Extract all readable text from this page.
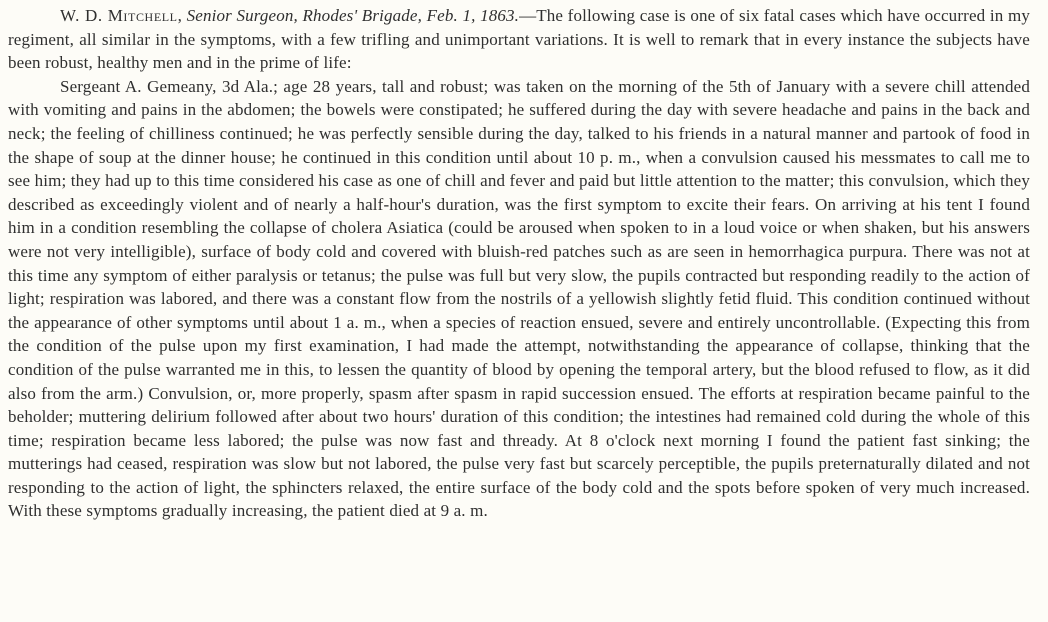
W. D. Mitchell, Senior Surgeon, Rhodes' Brigade, Feb. 1, 1863.—The following case is one of six fatal cases which have occurred in my regiment, all similar in the symptoms, with a few trifling and unimportant variations. It is well to remark that in every instance the subjects have been robust, healthy men and in the prime of life:

Sergeant A. Gemeany, 3d Ala.; age 28 years, tall and robust; was taken on the morning of the 5th of January with a severe chill attended with vomiting and pains in the abdomen; the bowels were constipated; he suffered during the day with severe headache and pains in the back and neck; the feeling of chilliness continued; he was perfectly sensible during the day, talked to his friends in a natural manner and partook of food in the shape of soup at the dinner house; he continued in this condition until about 10 p. m., when a convulsion caused his messmates to call me to see him; they had up to this time considered his case as one of chill and fever and paid but little attention to the matter; this convulsion, which they described as exceedingly violent and of nearly a half-hour's duration, was the first symptom to excite their fears. On arriving at his tent I found him in a condition resembling the collapse of cholera Asiatica (could be aroused when spoken to in a loud voice or when shaken, but his answers were not very intelligible), surface of body cold and covered with bluish-red patches such as are seen in hemorrhagica purpura. There was not at this time any symptom of either paralysis or tetanus; the pulse was full but very slow, the pupils contracted but responding readily to the action of light; respiration was labored, and there was a constant flow from the nostrils of a yellowish slightly fetid fluid. This condition continued without the appearance of other symptoms until about 1 a. m., when a species of reaction ensued, severe and entirely uncontrollable. (Expecting this from the condition of the pulse upon my first examination, I had made the attempt, notwithstanding the appearance of collapse, thinking that the condition of the pulse warranted me in this, to lessen the quantity of blood by opening the temporal artery, but the blood refused to flow, as it did also from the arm.) Convulsion, or, more properly, spasm after spasm in rapid succession ensued. The efforts at respiration became painful to the beholder; muttering delirium followed after about two hours' duration of this condition; the intestines had remained cold during the whole of this time; respiration became less labored; the pulse was now fast and thready. At 8 o'clock next morning I found the patient fast sinking; the mutterings had ceased, respiration was slow but not labored, the pulse very fast but scarcely perceptible, the pupils preternaturally dilated and not responding to the action of light, the sphincters relaxed, the entire surface of the body cold and the spots before spoken of very much increased. With these symptoms gradually increasing, the patient died at 9 a. m.
